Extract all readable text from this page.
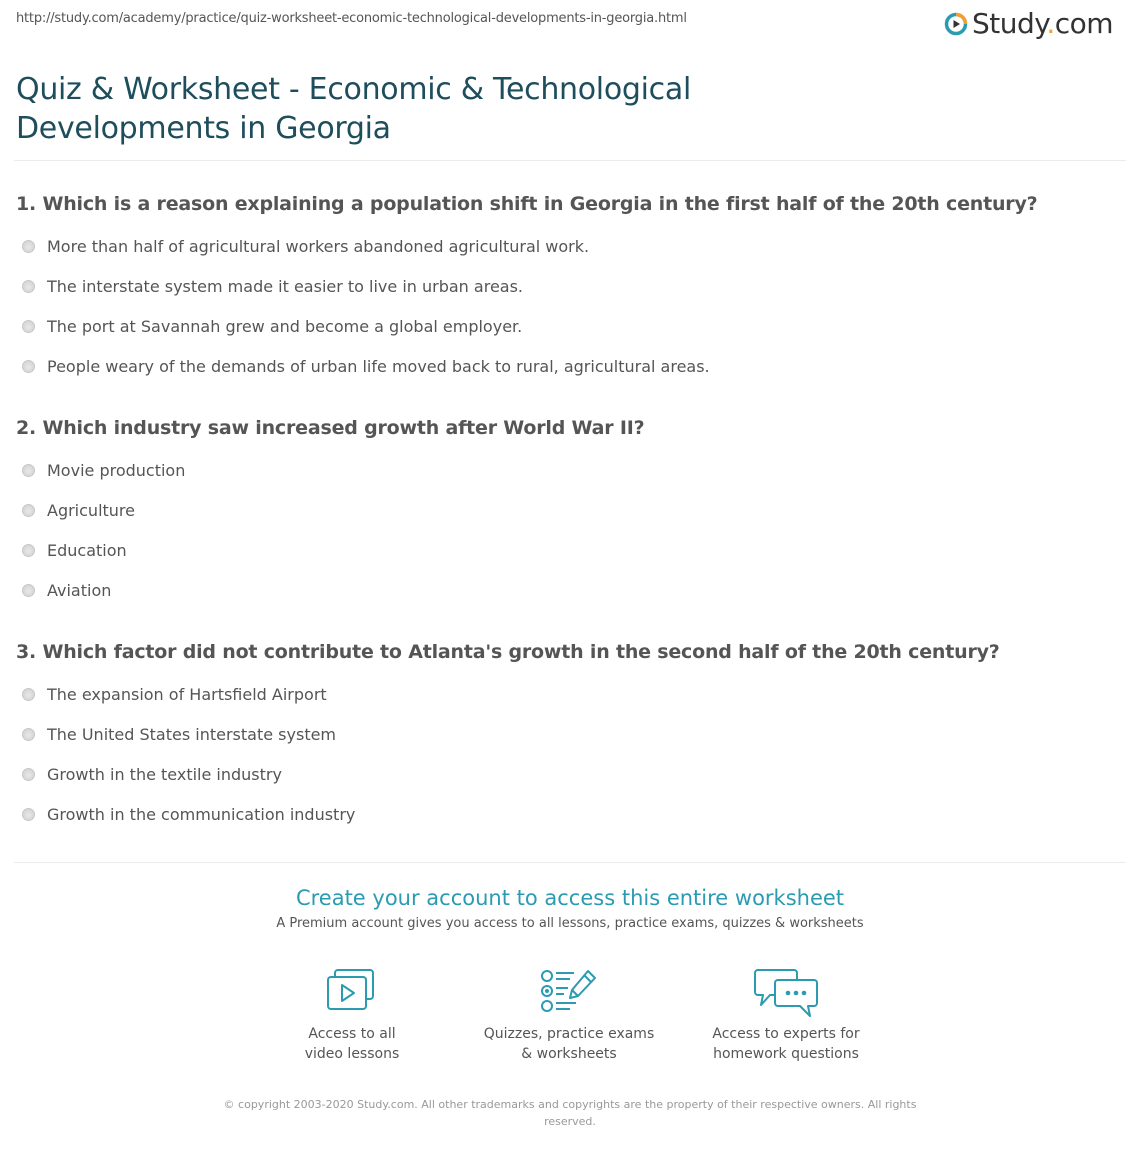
http://study.com/academy/practice/quiz-worksheet-economic-technological-developments-in-georgia.html	Study.com
Quiz & Worksheet - Economic & Technological Developments in Georgia
1. Which is a reason explaining a population shift in Georgia in the first half of the 20th century?
More than half of agricultural workers abandoned agricultural work.
The interstate system made it easier to live in urban areas.
The port at Savannah grew and become a global employer.
People weary of the demands of urban life moved back to rural, agricultural areas.
2. Which industry saw increased growth after World War II?
Movie production
Agriculture
Education
Aviation
3. Which factor did not contribute to Atlanta's growth in the second half of the 20th century?
The expansion of Hartsfield Airport
The United States interstate system
Growth in the textile industry
Growth in the communication industry
Create your account to access this entire worksheet
A Premium account gives you access to all lessons, practice exams, quizzes & worksheets
Access to all
video lessons
Quizzes, practice exams
& worksheets
Access to experts for
homework questions
© copyright 2003-2020 Study.com. All other trademarks and copyrights are the property of their respective owners. All rights reserved.
